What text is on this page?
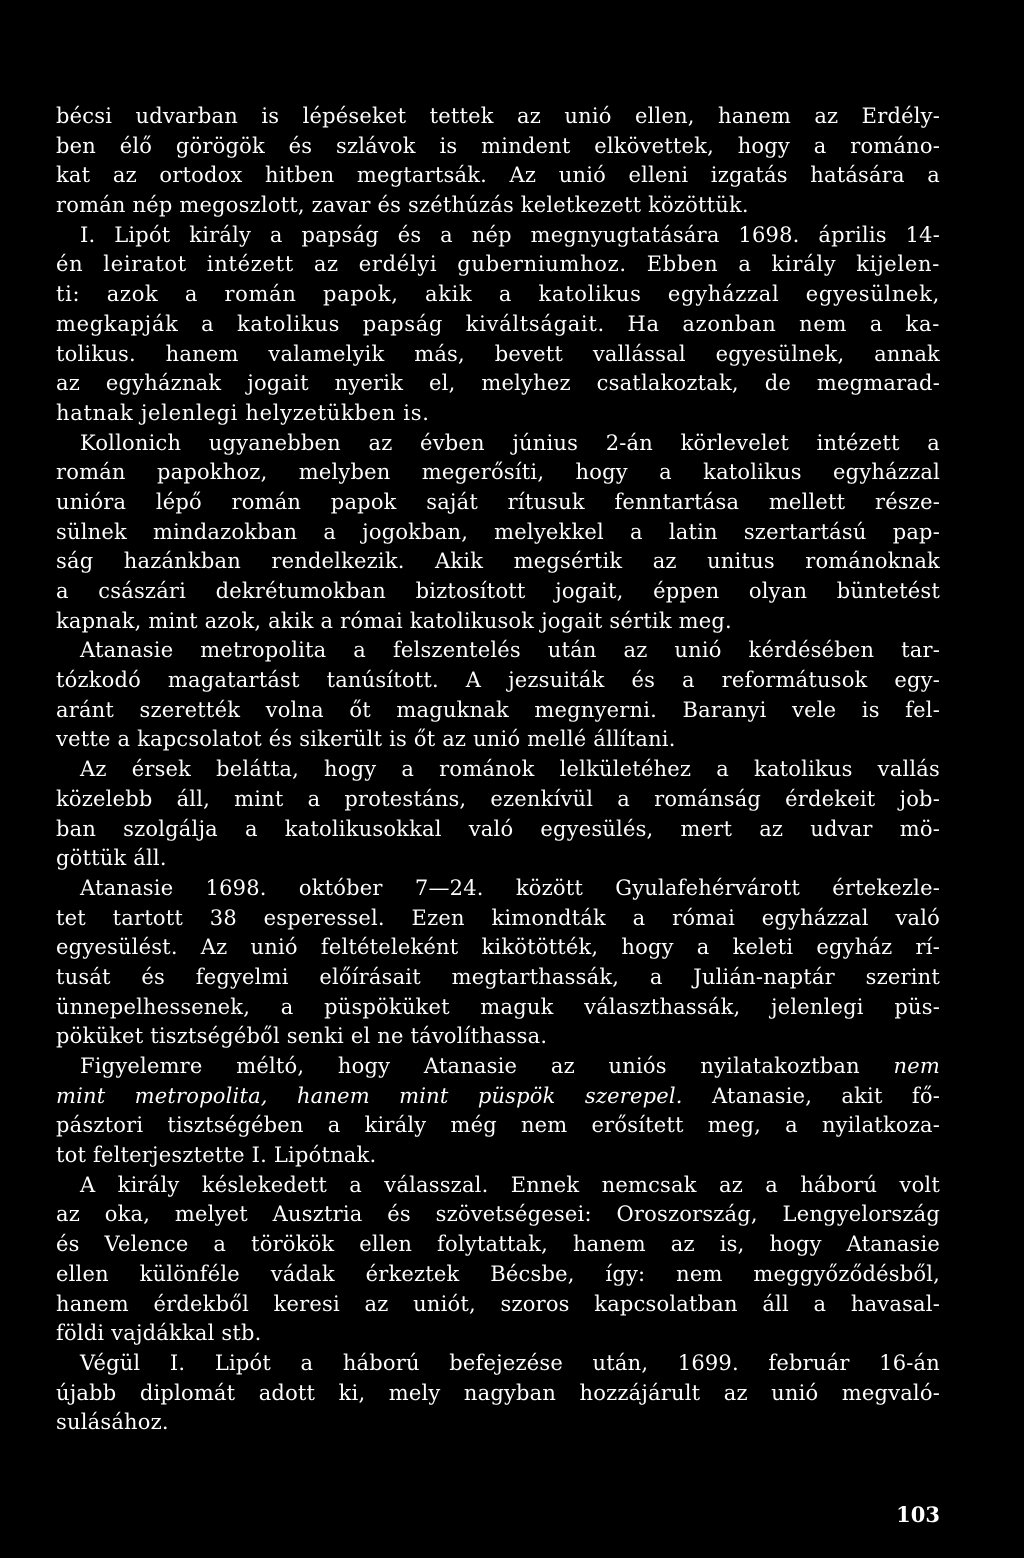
bécsi udvarban is lépéseket tettek az unió ellen, hanem az Erdély-
ben élő görögök és szlávok is mindent elkövettek, hogy a románo-
kat az ortodox hitben megtartsák. Az unió elleni izgatás hatására a
román nép megoszlott, zavar és széthúzás keletkezett közöttük.
I. Lipót király a papság és a nép megnyugtatására 1698. április 14-
én leiratot intézett az erdélyi guberniumhoz. Ebben a király kijelen-
ti: azok a román papok, akik a katolikus egyházzal egyesülnek,
megkapják a katolikus papság kiváltságait. Ha azonban nem a ka-
tolikus. hanem valamelyik más, bevett vallással egyesülnek, annak
az egyháznak jogait nyerik el, melyhez csatlakoztak, de megmarad-
hatnak jelenlegi helyzetükben is.
Kollonich ugyanebben az évben június 2-án körlevelet intézett a
román papokhoz, melyben megerősíti, hogy a katolikus egyházzal
unióra lépő román papok saját rítusuk fenntartása mellett része-
sülnek mindazokban a jogokban, melyekkel a latin szertartású pap-
ság hazánkban rendelkezik. Akik megsértik az unitus románoknak
a császári dekrétumokban biztosított jogait, éppen olyan büntetést
kapnak, mint azok, akik a római katolikusok jogait sértik meg.
Atanasie metropolita a felszentelés után az unió kérdésében tar-
tózkodó magatartást tanúsított. A jezsuiták és a reformátusok egy-
aránt szerették volna őt maguknak megnyerni. Baranyi vele is fel-
vette a kapcsolatot és sikerült is őt az unió mellé állítani.
Az érsek belátta, hogy a románok lelkületéhez a katolikus vallás
közelebb áll, mint a protestáns, ezenkívül a románság érdekeit job-
ban szolgálja a katolikusokkal való egyesülés, mert az udvar mö-
göttük áll.
Atanasie 1698. október 7—24. között Gyulafehérvárott értekezle-
tet tartott 38 esperessel. Ezen kimondták a római egyházzal való
egyesülést. Az unió feltételeként kikötötték, hogy a keleti egyház rí-
tusát és fegyelmi előírásait megtarthassák, a Julián-naptár szerint
ünnepelhessenek, a püspöküket maguk választhassák, jelenlegi püs-
pöküket tisztségéből senki el ne távolíthassa.
Figyelemre méltó, hogy Atanasie az uniós nyilatakoztban nem
mint metropolita, hanem mint püspök szerepel. Atanasie, akit fő-
pásztori tisztségében a király még nem erősített meg, a nyilatkoza-
tot felterjesztette I. Lipótnak.
A király késlekedett a válasszal. Ennek nemcsak az a háború volt
az oka, melyet Ausztria és szövetségesei: Oroszország, Lengyelország
és Velence a törökök ellen folytattak, hanem az is, hogy Atanasie
ellen különféle vádak érkeztek Bécsbe, így: nem meggyőződésből,
hanem érdekből keresi az uniót, szoros kapcsolatban áll a havasal-
földi vajdákkal stb.
Végül I. Lipót a háború befejezése után, 1699. február 16-án
újabb diplomát adott ki, mely nagyban hozzájárult az unió megvaló-
sulásához.
103
